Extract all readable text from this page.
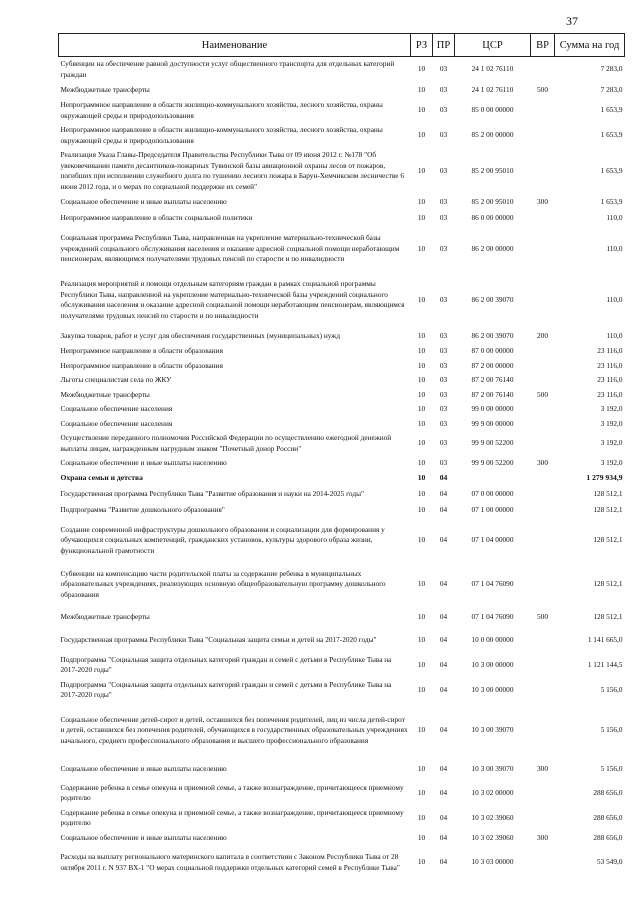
37
Наименование	РЗ	ПР	ЦСР	ВР	Сумма на год
Субвенции на обеспечение равной доступности услуг общественного транспорта для отдельных категорий граждан	10	03	24 1 02 76110		7 283,0
Межбюджетные трансферты	10	03	24 1 02 76110	500	7 283,0
Непрограммное направление в области жилищно-коммунального хозяйства, лесного хозяйства, охраны окружающей среды и природопользования	10	03	85 0 00 00000		1 653,9
Непрограммное направление в области жилищно-коммунального хозяйства, лесного хозяйства, охраны окружающей среды и природопользования	10	03	85 2 00 00000		1 653,9
Реализация Указа Главы-Председателя Правительства Республики Тыва от 09 июня 2012 г. №178 "Об увековечивании памяти десантников-пожарных Тувинской базы авиационной охраны лесов от пожаров, погибших при исполнении служебного долга по тушению лесного пожара в Барун-Хемчикском лесничестве 6 июня 2012 года, и о мерах по социальной поддержке их семей"	10	03	85 2 00 95010		1 653,9
Социальное обеспечение и иные выплаты населению	10	03	85 2 00 95010	300	1 653,9
Непрограммное направление в области социальной политики	10	03	86 0 00 00000		110,0
Социальная программа Республики Тыва, направленная на укрепление материально-технической базы учреждений социального обслуживания населения и оказание адресной социальной помощи неработающим пенсионерам, являющимся получателями трудовых пенсий по старости и по инвалидности	10	03	86 2 00 00000		110,0
Реализация мероприятий и помощи отдельным категориям граждан в рамках социальной программы Республики Тыва, направленной на укрепление материально-технической базы учреждений социального обслуживания населения и оказание адресной социальной помощи неработающим пенсионерам, являющимся получателями трудовых пенсий по старости и по инвалидности	10	03	86 2 00 39070		110,0
Закупка товаров, работ и услуг для обеспечения государственных (муниципальных) нужд	10	03	86 2 00 39070	200	110,0
Непрограммное направление в области образования	10	03	87 0 00 00000		23 116,0
Непрограммное направление в области образования	10	03	87 2 00 00000		23 116,0
Льготы специалистам села по ЖКУ	10	03	87 2 00 76140		23 116,0
Межбюджетные трансферты	10	03	87 2 00 76140	500	23 116,0
Социальное обеспечение населения	10	03	99 0 00 00000		3 192,0
Социальное обеспечение населения	10	03	99 9 00 00000		3 192,0
Осуществление переданного полномочия Российской Федерации по осуществлению ежегодной денежной выплаты лицам, награжденным нагрудным знаком "Почетный донор России"	10	03	99 9 00 52200		3 192,0
Социальное обеспечение и иные выплаты населению	10	03	99 9 00 52200	300	3 192,0
Охрана семьи и детства	10	04			1 279 934,9
Государственная программа Республики Тыва "Развитие образования и науки на 2014-2025 годы"	10	04	07 0 00 00000		128 512,1
Подпрограмма "Развитие дошкольного образования"	10	04	07 1 00 00000		128 512,1
Создание современной инфраструктуры дошкольного образования и социализации для формирования у обучающихся социальных компетенций, гражданских установок, культуры здорового образа жизни, функциональной грамотности	10	04	07 1 04 00000		128 512,1
Субвенции на компенсацию части родительской платы за содержание ребенка в муниципальных образовательных учреждениях, реализующих основную общеобразовательную программу дошкольного образования	10	04	07 1 04 76090		128 512,1
Межбюджетные трансферты	10	04	07 1 04 76090	500	128 512,1
Государственная программа Республики Тыва "Социальная защита семьи и детей на 2017-2020 годы"	10	04	10 0 00 00000		1 141 665,0
Подпрограмма "Социальная защита отдельных категорий граждан и семей с детьми в Республике Тыва на 2017-2020 годы"	10	04	10 3 00 00000		1 121 144,5
Подпрограмма "Социальная защита отдельных категорий граждан и семей с детьми в Республике Тыва на 2017-2020 годы"	10	04	10 3 00 00000		5 156,0
Социальное обеспечение детей-сирот и детей, оставшихся без попечения родителей, лиц из числа детей-сирот и детей, оставшихся без попечения родителей, обучающихся в государственных образовательных учреждениях начального, среднего профессионального образования и высшего профессионального образования	10	04	10 3 00 39070		5 156,0
Социальное обеспечение и иные выплаты населению	10	04	10 3 00 39070	300	5 156,0
Содержание ребенка в семье опекуна и приемной семье, а также вознаграждение, причитающееся приемному родителю	10	04	10 3 02 00000		288 656,0
Содержание ребенка в семье опекуна и приемной семье, а также вознаграждение, причитающееся приемному родителю	10	04	10 3 02 39060		288 656,0
Социальное обеспечение и иные выплаты населению	10	04	10 3 02 39060	300	288 656,0
Расходы на выплату регионального материнского капитала в соответствии с Законом Республики Тыва от 28 октября 2011 г. N 937 ВХ-1 "О мерах социальной поддержки отдельных категорий семей в Республике Тыва"	10	04	10 3 03 00000		53 549,0
